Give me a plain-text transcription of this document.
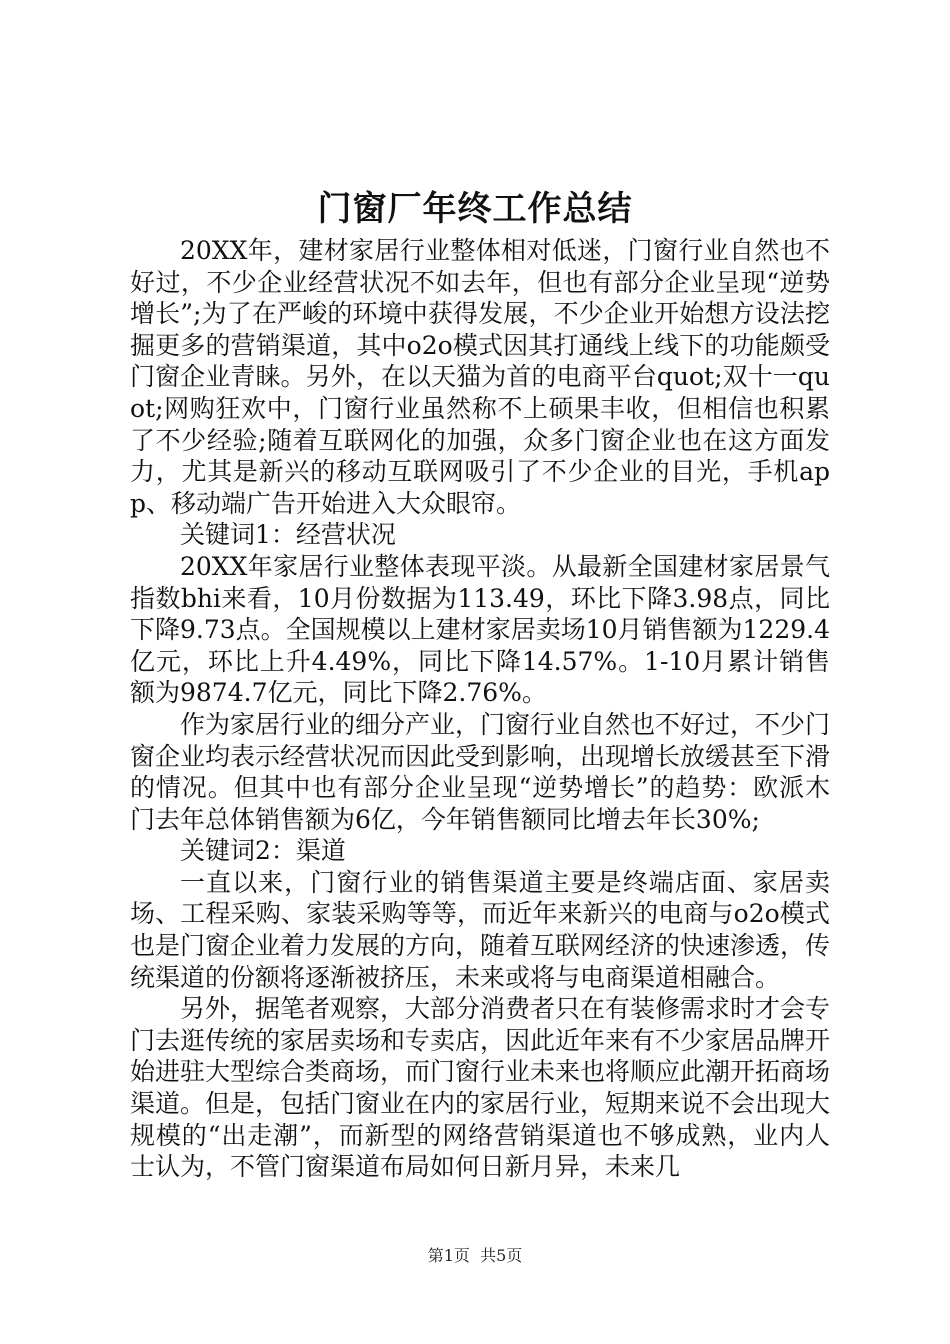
门窗厂年终工作总结

20XX年，建材家居行业整体相对低迷，门窗行业自然也不好过，不少企业经营状况不如去年，但也有部分企业呈现“逆势增长”;为了在严峻的环境中获得发展，不少企业开始想方设法挖掘更多的营销渠道，其中o2o模式因其打通线上线下的功能颇受门窗企业青睐。另外，在以天猫为首的电商平台quot;双十一quot;网购狂欢中，门窗行业虽然称不上硕果丰收，但相信也积累了不少经验;随着互联网化的加强，众多门窗企业也在这方面发力，尤其是新兴的移动互联网吸引了不少企业的目光，手机app、移动端广告开始进入大众眼帘。

关键词1：经营状况

20XX年家居行业整体表现平淡。从最新全国建材家居景气指数bhi来看，10月份数据为113.49，环比下降3.98点，同比下降9.73点。全国规模以上建材家居卖场10月销售额为1229.4亿元，环比上升4.49%，同比下降14.57%。1-10月累计销售额为9874.7亿元，同比下降2.76%。

作为家居行业的细分产业，门窗行业自然也不好过，不少门窗企业均表示经营状况而因此受到影响，出现增长放缓甚至下滑的情况。但其中也有部分企业呈现“逆势增长”的趋势：欧派木门去年总体销售额为6亿，今年销售额同比增去年长30%;

关键词2：渠道

一直以来，门窗行业的销售渠道主要是终端店面、家居卖场、工程采购、家装采购等等，而近年来新兴的电商与o2o模式也是门窗企业着力发展的方向，随着互联网经济的快速渗透，传统渠道的份额将逐渐被挤压，未来或将与电商渠道相融合。

另外，据笔者观察，大部分消费者只在有装修需求时才会专门去逛传统的家居卖场和专卖店，因此近年来有不少家居品牌开始进驻大型综合类商场，而门窗行业未来也将顺应此潮开拓商场渠道。但是，包括门窗业在内的家居行业，短期来说不会出现大规模的“出走潮”，而新型的网络营销渠道也不够成熟，业内人士认为，不管门窗渠道布局如何日新月异，未来几

第1页 共5页
